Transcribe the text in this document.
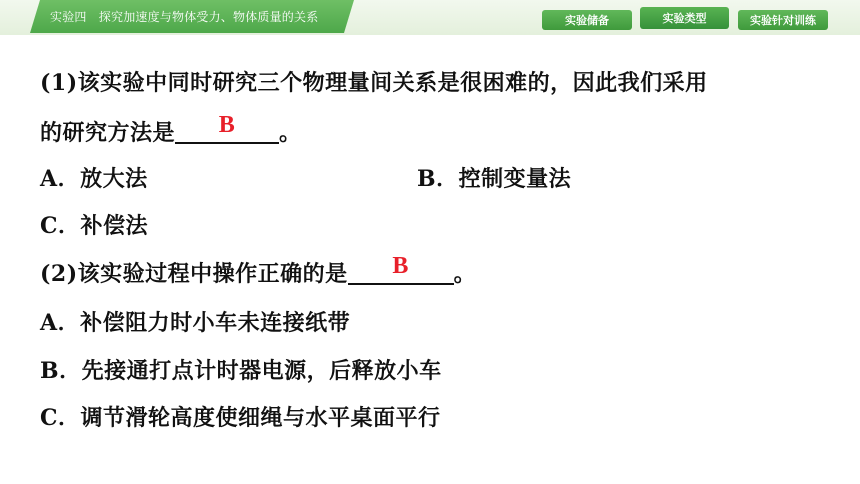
实验四　探究加速度与物体受力、物体质量的关系	实验储备	实验类型	实验针对训练
(1)该实验中同时研究三个物理量间关系是很困难的，因此我们采用
的研究方法是 B 。
A．放大法	B．控制变量法
C．补偿法
(2)该实验过程中操作正确的是 B 。
A．补偿阻力时小车未连接纸带
B．先接通打点计时器电源，后释放小车
C．调节滑轮高度使细绳与水平桌面平行
